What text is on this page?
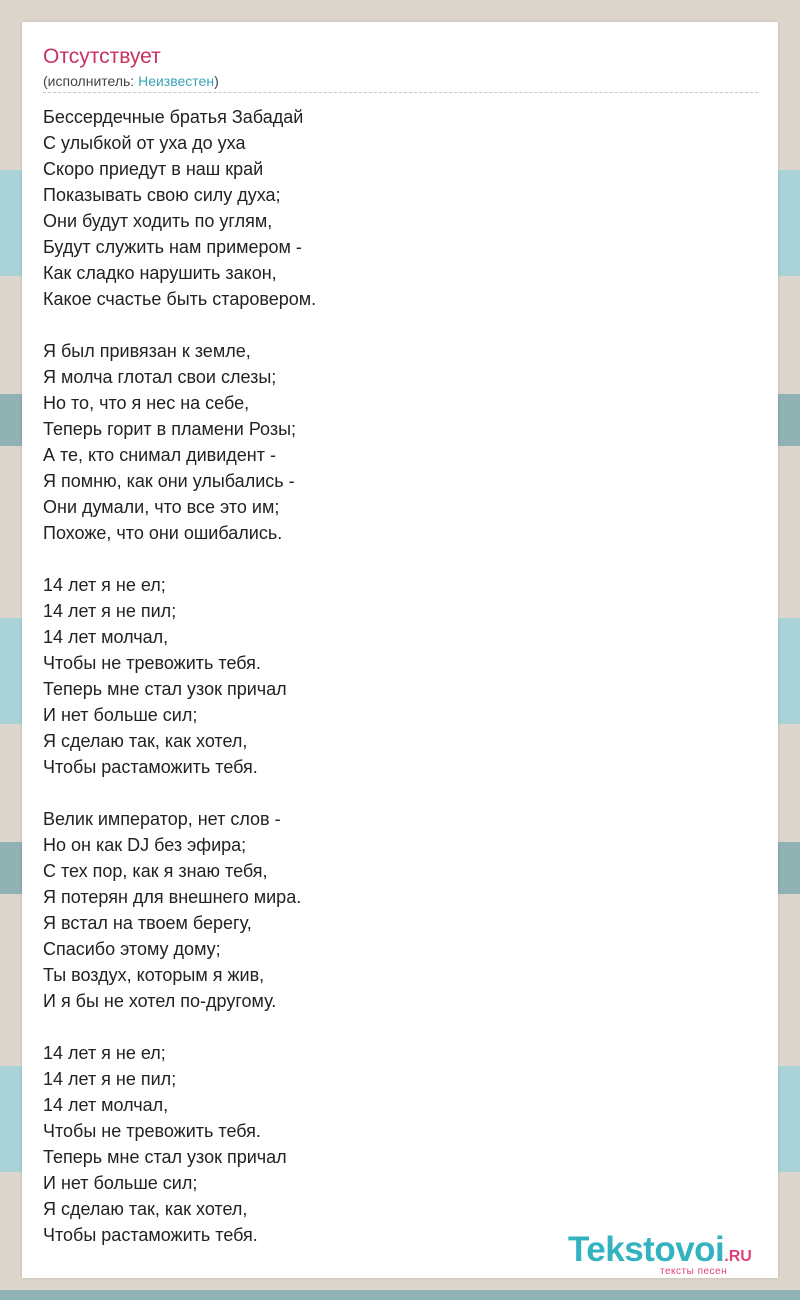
Отсутствует
(исполнитель: Неизвестен)
Бессердечные братья Забадай
С улыбкой от уха до уха
Скоро приедут в наш край
Показывать свою силу духа;
Они будут ходить по углям,
Будут служить нам примером -
Как сладко нарушить закон,
Какое счастье быть старовером.
Я был привязан к земле,
Я молча глотал свои слезы;
Но то, что я нес на себе,
Теперь горит в пламени Розы;
А те, кто снимал дивидент -
Я помню, как они улыбались -
Они думали, что все это им;
Похоже, что они ошибались.
14 лет я не ел;
14 лет я не пил;
14 лет молчал,
Чтобы не тревожить тебя.
Теперь мне стал узок причал
И нет больше сил;
Я сделаю так, как хотел,
Чтобы растаможить тебя.
Велик император, нет слов -
Но он как DJ без эфира;
С тех пор, как я знаю тебя,
Я потерян для внешнего мира.
Я встал на твоем берегу,
Спасибо этому дому;
Ты воздух, которым я жив,
И я бы не хотел по-другому.
14 лет я не ел;
14 лет я не пил;
14 лет молчал,
Чтобы не тревожить тебя.
Теперь мне стал узок причал
И нет больше сил;
Я сделаю так, как хотел,
Чтобы растаможить тебя.	Tekstovoi.RU
тексты песен
